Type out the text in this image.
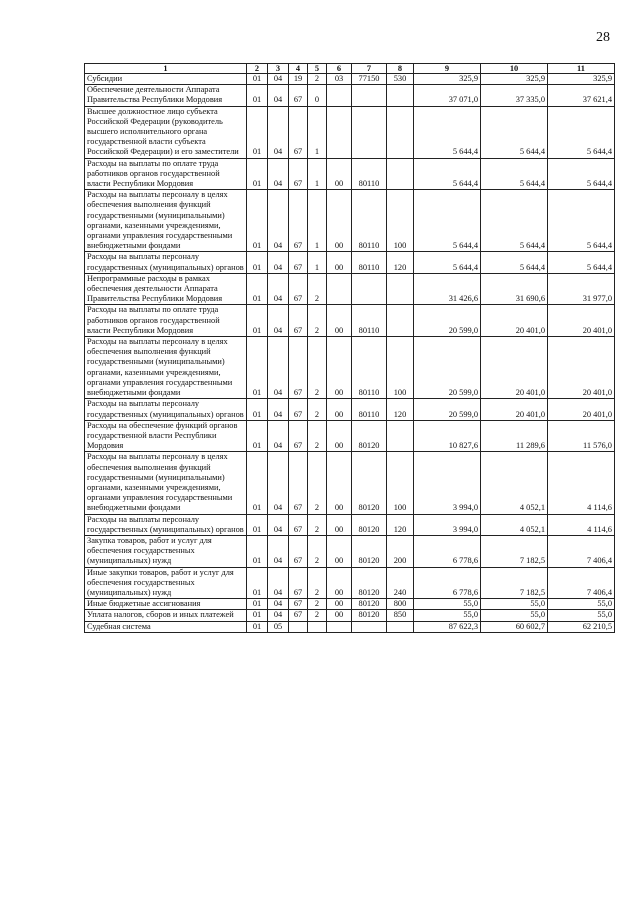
28
1	2	3	4	5	6	7	8	9	10	11
Субсидии	01	04	19	2	03	77150	530	325,9	325,9	325,9
Обеспечение деятельности Аппарата Правительства Республики Мордовия	01	04	67	0				37 071,0	37 335,0	37 621,4
Высшее должностное лицо субъекта Российской Федерации (руководитель высшего исполнительного органа государственной власти субъекта Российской Федерации) и его заместители	01	04	67	1				5 644,4	5 644,4	5 644,4
Расходы на выплаты по оплате труда работников органов государственной власти Республики Мордовия	01	04	67	1	00	80110		5 644,4	5 644,4	5 644,4
Расходы на выплаты персоналу в целях обеспечения выполнения функций государственными (муниципальными) органами, казенными учреждениями, органами управления государственными внебюджетными фондами	01	04	67	1	00	80110	100	5 644,4	5 644,4	5 644,4
Расходы на выплаты персоналу государственных (муниципальных) органов	01	04	67	1	00	80110	120	5 644,4	5 644,4	5 644,4
Непрограммные расходы в рамках обеспечения деятельности Аппарата Правительства Республики Мордовия	01	04	67	2				31 426,6	31 690,6	31 977,0
Расходы на выплаты по оплате труда работников органов государственной власти Республики Мордовия	01	04	67	2	00	80110		20 599,0	20 401,0	20 401,0
Расходы на выплаты персоналу в целях обеспечения выполнения функций государственными (муниципальными) органами, казенными учреждениями, органами управления государственными внебюджетными фондами	01	04	67	2	00	80110	100	20 599,0	20 401,0	20 401,0
Расходы на выплаты персоналу государственных (муниципальных) органов	01	04	67	2	00	80110	120	20 599,0	20 401,0	20 401,0
Расходы на обеспечение функций органов государственной власти Республики Мордовия	01	04	67	2	00	80120		10 827,6	11 289,6	11 576,0
Расходы на выплаты персоналу в целях обеспечения выполнения функций государственными (муниципальными) органами, казенными учреждениями, органами управления государственными внебюджетными фондами	01	04	67	2	00	80120	100	3 994,0	4 052,1	4 114,6
Расходы на выплаты персоналу государственных (муниципальных) органов	01	04	67	2	00	80120	120	3 994,0	4 052,1	4 114,6
Закупка товаров, работ и услуг для обеспечения государственных (муниципальных) нужд	01	04	67	2	00	80120	200	6 778,6	7 182,5	7 406,4
Иные закупки товаров, работ и услуг для обеспечения государственных (муниципальных) нужд	01	04	67	2	00	80120	240	6 778,6	7 182,5	7 406,4
Иные бюджетные ассигнования	01	04	67	2	00	80120	800	55,0	55,0	55,0
Уплата налогов, сборов и иных платежей	01	04	67	2	00	80120	850	55,0	55,0	55,0
Судебная система	01	05						87 622,3	60 602,7	62 210,5
